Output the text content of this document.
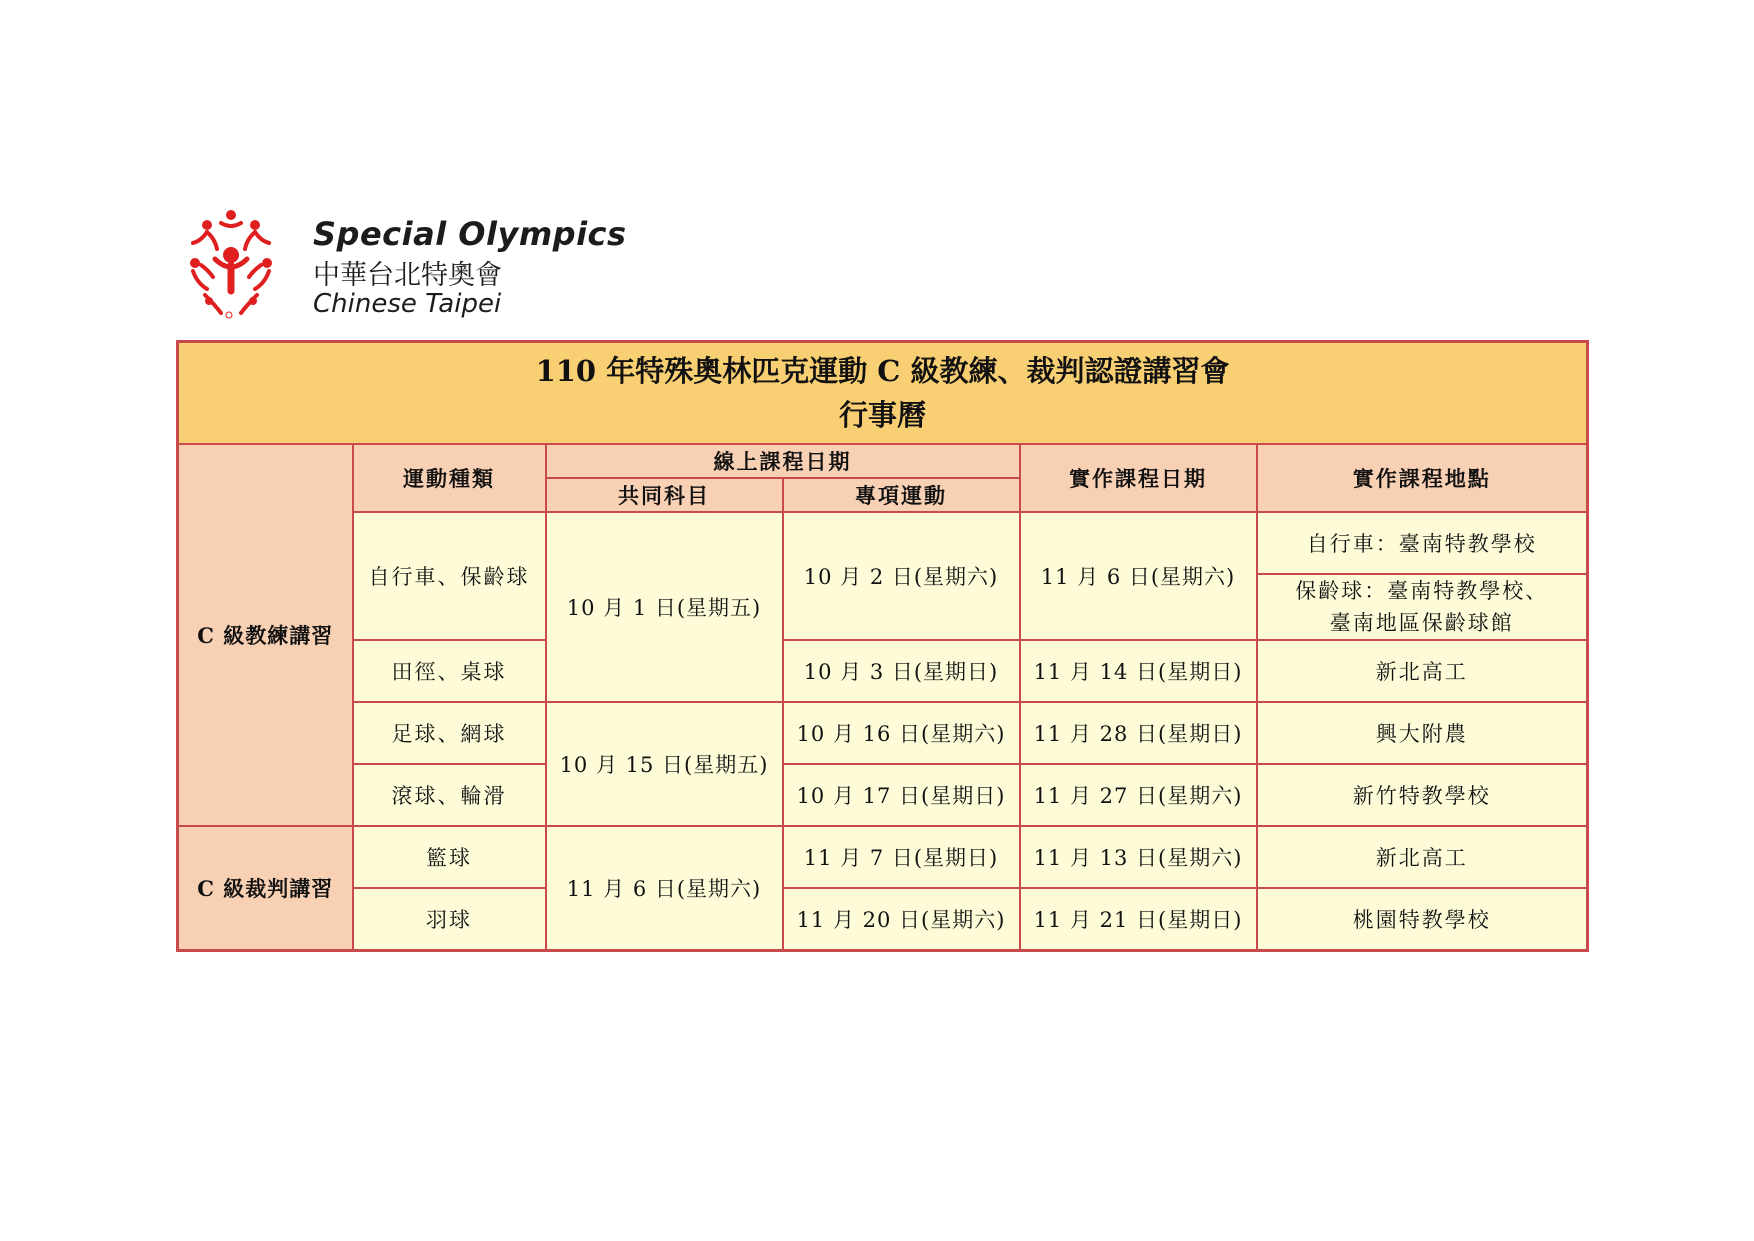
Special Olympics
中華台北特奧會
Chinese Taipei
110 年特殊奧林匹克運動 C 級教練、裁判認證講習會
行事曆					

C 級教練講習	運動種類	線上課程日期		實作課程日期	實作課程地點
		共同科目	專項運動		
	自行車、保齡球	10 月 1 日(星期五)	10 月 2 日(星期六)	11 月 6 日(星期六)	自行車：臺南特教學校
					保齡球：臺南特教學校、
臺南地區保齡球館
	田徑、桌球		10 月 3 日(星期日)	11 月 14 日(星期日)	新北高工
	足球、網球	10 月 15 日(星期五)	10 月 16 日(星期六)	11 月 28 日(星期日)	興大附農
	滾球、輪滑		10 月 17 日(星期日)	11 月 27 日(星期六)	新竹特教學校
C 級裁判講習	籃球	11 月 6 日(星期六)	11 月 7 日(星期日)	11 月 13 日(星期六)	新北高工
	羽球		11 月 20 日(星期六)	11 月 21 日(星期日)	桃園特教學校
